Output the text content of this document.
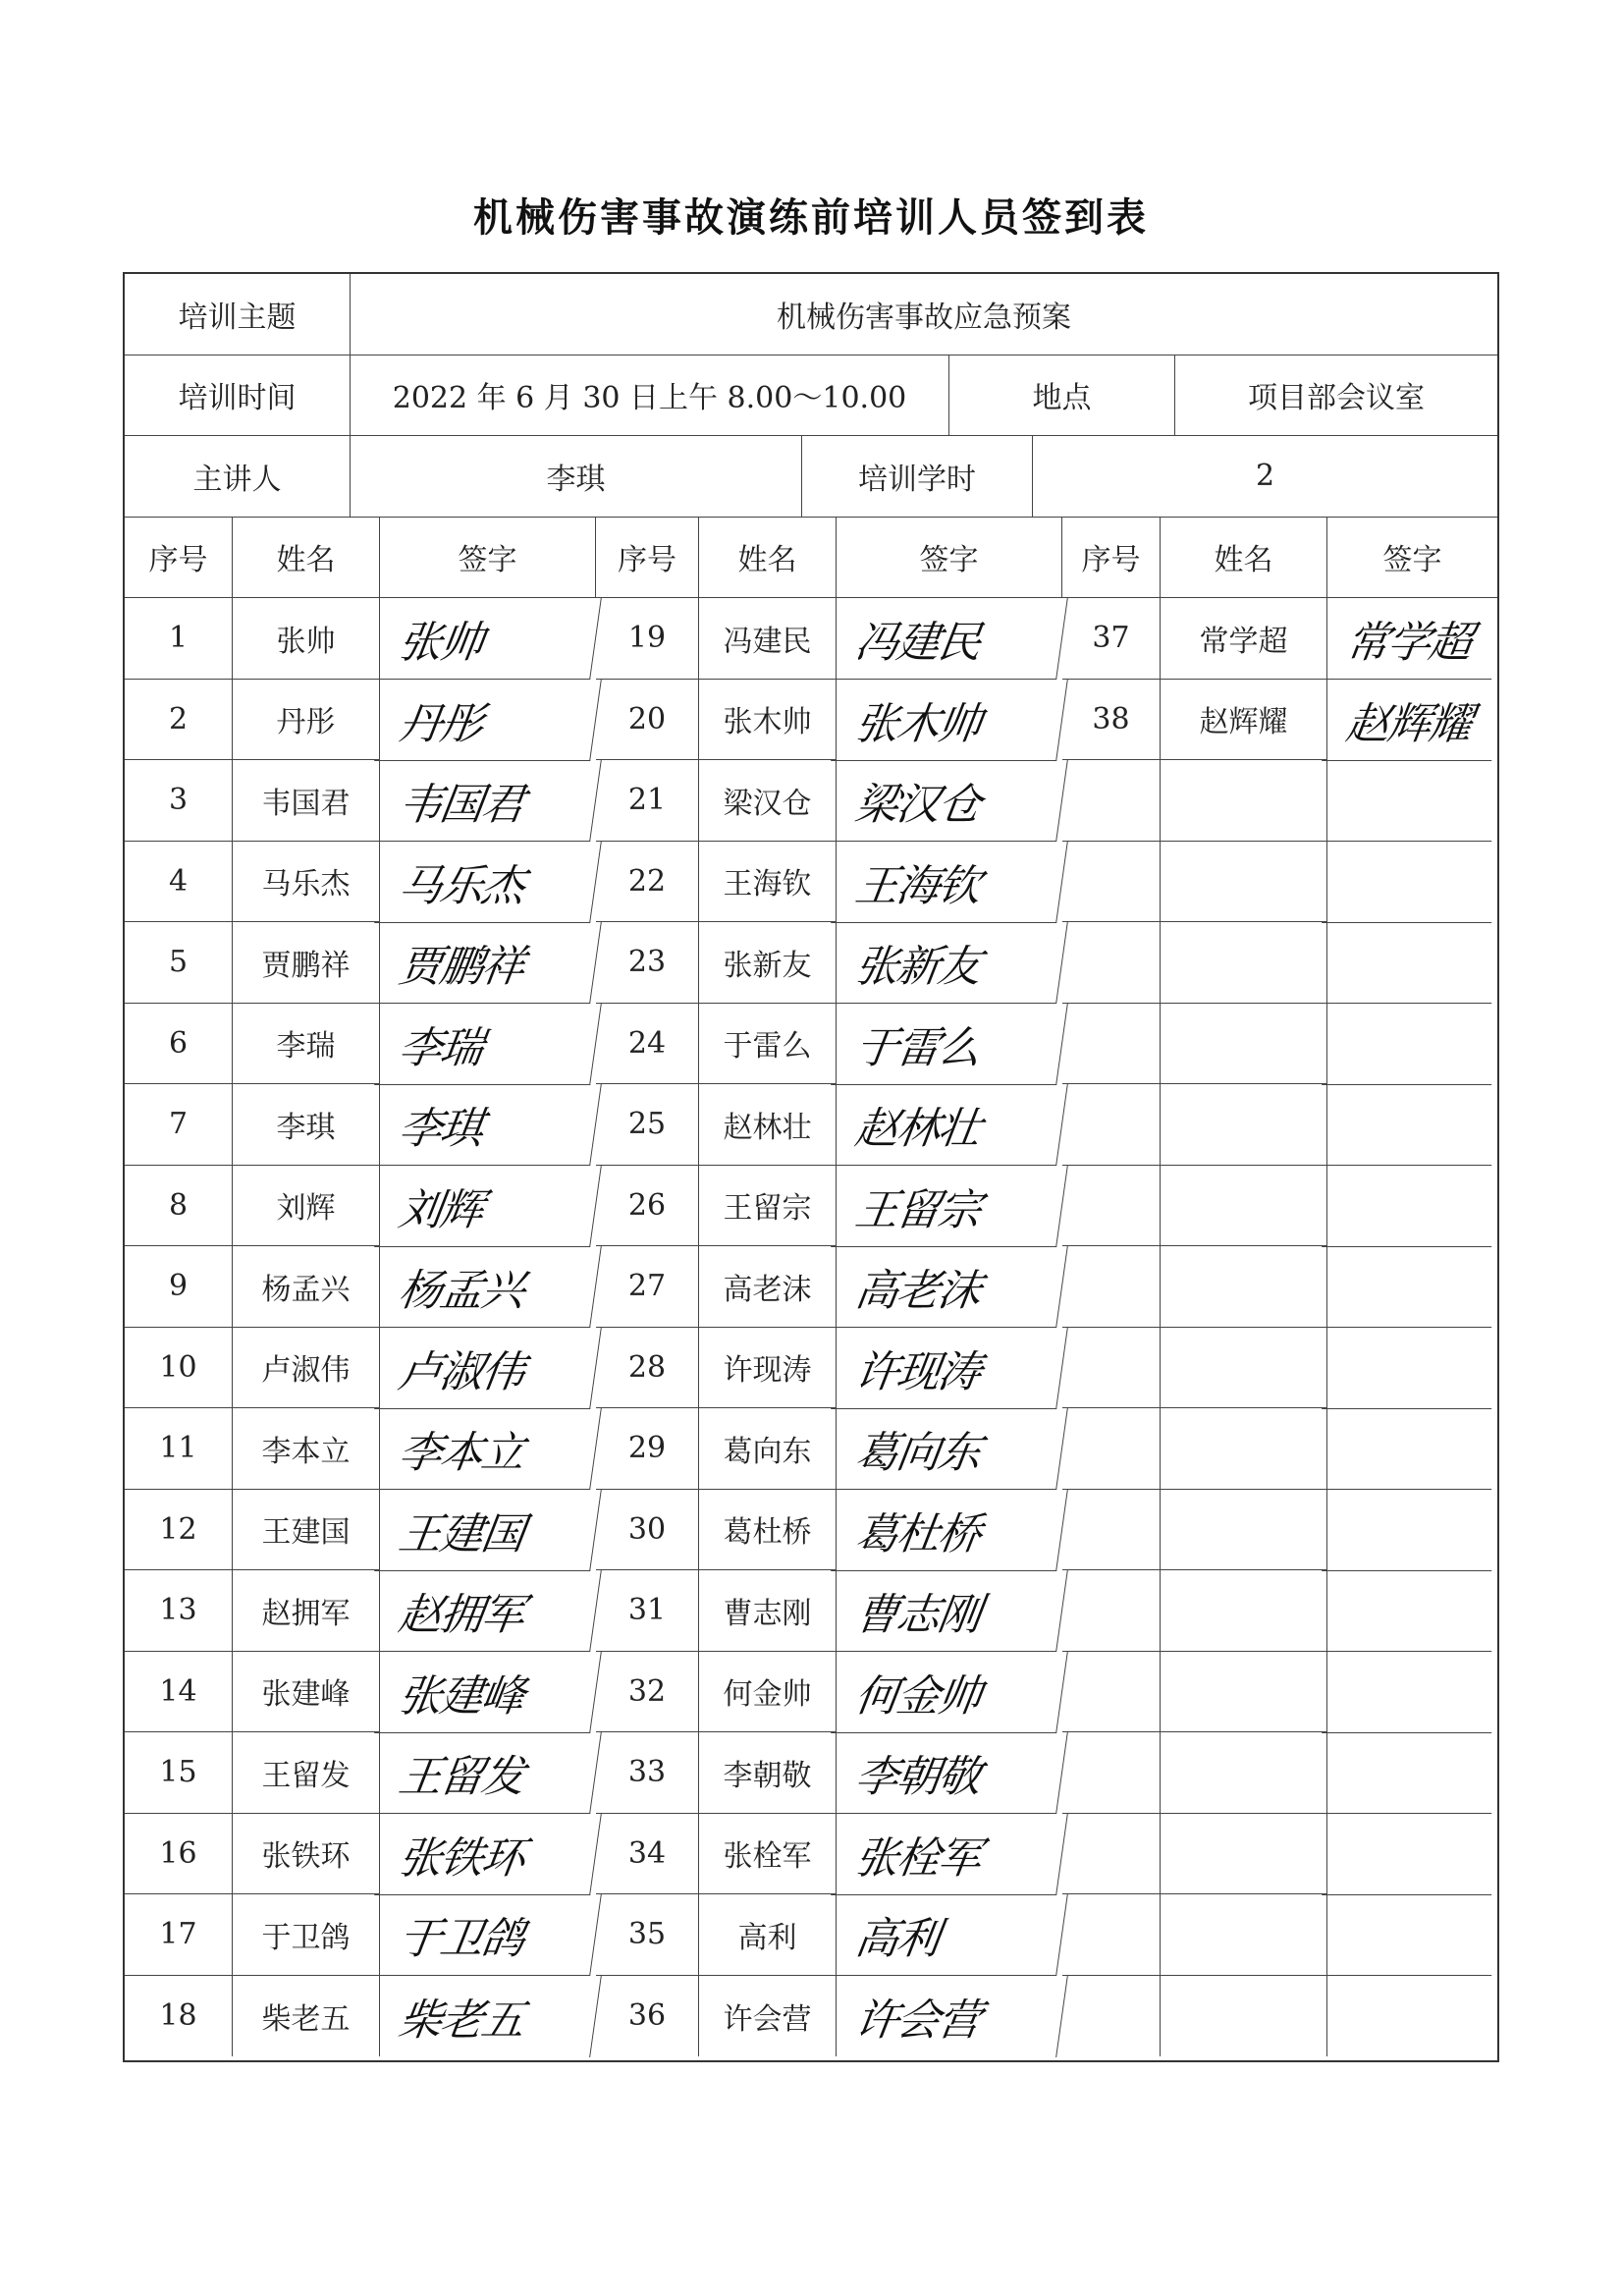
机械伤害事故演练前培训人员签到表
培训主题	机械伤害事故应急预案
培训时间	2022 年 6 月 30 日上午 8.00～10.00	地点	项目部会议室
主讲人	李琪	培训学时	2
序号	姓名	签字	序号	姓名	签字	序号	姓名	签字
1	张帅	张帅	19	冯建民 冯建民	37	常学超	常学超
2	丹彤	丹彤	20	张木帅 张木帅	38	赵辉耀	赵辉耀
3	韦国君	韦国君	21	梁汉仓 梁汉仓
4	马乐杰	马乐杰	22	王海钦 王海钦
5	贾鹏祥	贾鹏祥	23	张新友 张新友
6	李瑞	李瑞	24	于雷么 于雷么
7	李琪	李琪	25	赵林壮 赵林壮
8	刘辉	刘辉	26	王留宗 王留宗
9	杨孟兴	杨孟兴	27	高老沫 高老沫
10	卢淑伟	卢淑伟	28	许现涛 许现涛
11	李本立	李本立	29	葛向东 葛向东
12	王建国	王建国	30	葛杜桥 葛杜桥
13	赵拥军	赵拥军	31	曹志刚 曹志刚
14	张建峰	张建峰	32	何金帅 何金帅
15	王留发	王留发	33	李朝敬 李朝敬
16	张铁环	张铁环	34	张栓军 张栓军
17	于卫鸽	于卫鸽	35	高利	高利
18	柴老五	柴老五	36	许会营 许会营
